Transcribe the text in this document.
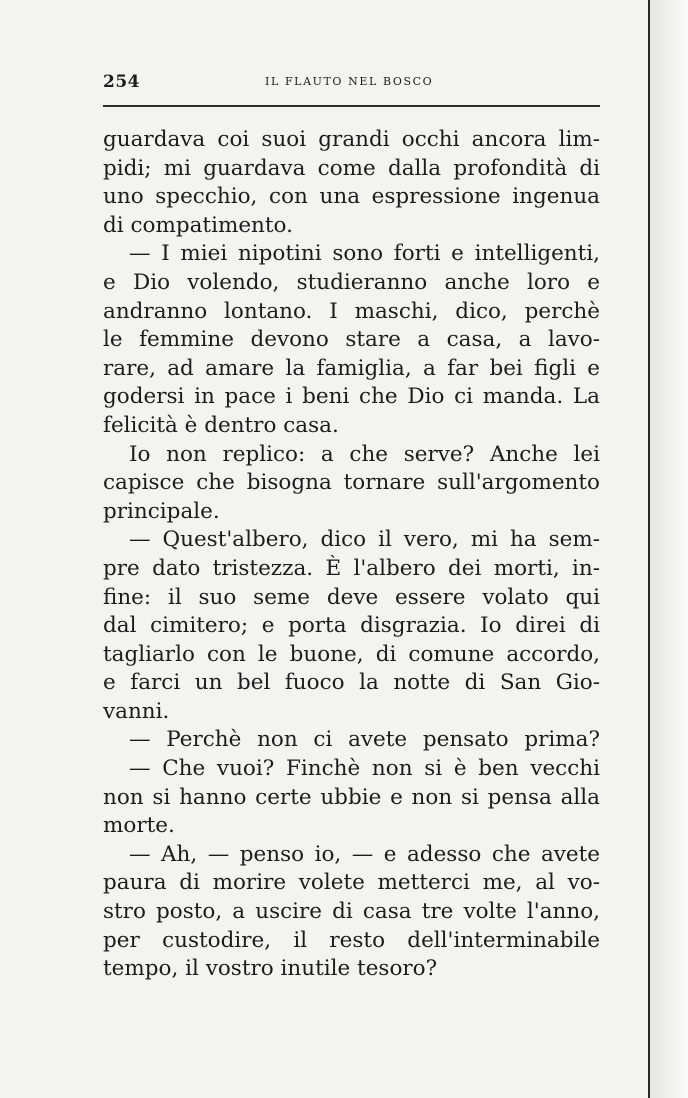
254	IL FLAUTO NEL BOSCO
guardava coi suoi grandi occhi ancora lim-
pidi; mi guardava come dalla profondità di
uno specchio, con una espressione ingenua
di compatimento.
— I miei nipotini sono forti e intelligenti,
e Dio volendo, studieranno anche loro e
andranno lontano. I maschi, dico, perchè
le femmine devono stare a casa, a lavo-
rare, ad amare la famiglia, a far bei figli e
godersi in pace i beni che Dio ci manda. La
felicità è dentro casa.
Io non replico: a che serve? Anche lei
capisce che bisogna tornare sull'argomento
principale.
— Quest'albero, dico il vero, mi ha sem-
pre dato tristezza. È l'albero dei morti, in-
fine: il suo seme deve essere volato qui
dal cimitero; e porta disgrazia. Io direi di
tagliarlo con le buone, di comune accordo,
e farci un bel fuoco la notte di San Gio-
vanni.
— Perchè non ci avete pensato prima?
— Che vuoi? Finchè non si è ben vecchi
non si hanno certe ubbie e non si pensa alla
morte.
— Ah, — penso io, — e adesso che avete
paura di morire volete metterci me, al vo-
stro posto, a uscire di casa tre volte l'anno,
per custodire, il resto dell'interminabile
tempo, il vostro inutile tesoro?
